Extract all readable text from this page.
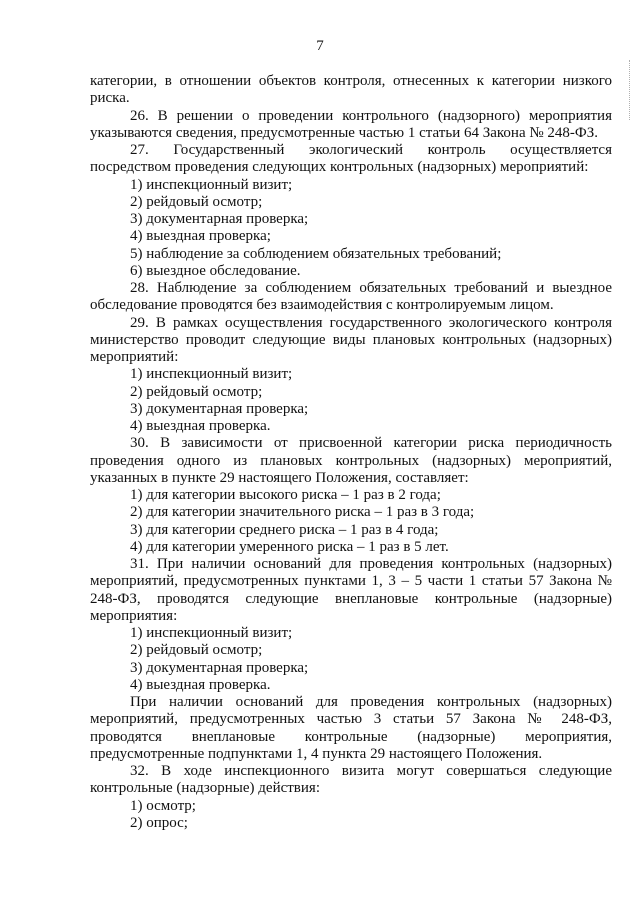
7

категории, в отношении объектов контроля, отнесенных к категории низкого риска.

26. В решении о проведении контрольного (надзорного) мероприятия указываются сведения, предусмотренные частью 1 статьи 64 Закона № 248-ФЗ.

27. Государственный экологический контроль осуществляется посредством проведения следующих контрольных (надзорных) мероприятий:

1) инспекционный визит;

2) рейдовый осмотр;

3) документарная проверка;

4) выездная проверка;

5) наблюдение за соблюдением обязательных требований;

6) выездное обследование.

28. Наблюдение за соблюдением обязательных требований и выездное обследование проводятся без взаимодействия с контролируемым лицом.

29. В рамках осуществления государственного экологического контроля министерство проводит следующие виды плановых контрольных (надзорных) мероприятий:

1) инспекционный визит;

2) рейдовый осмотр;

3) документарная проверка;

4) выездная проверка.

30. В зависимости от присвоенной категории риска периодичность проведения одного из плановых контрольных (надзорных) мероприятий, указанных в пункте 29 настоящего Положения, составляет:

1) для категории высокого риска – 1 раз в 2 года;

2) для категории значительного риска – 1 раз в 3 года;

3) для категории среднего риска – 1 раз в 4 года;

4) для категории умеренного риска – 1 раз в 5 лет.

31. При наличии оснований для проведения контрольных (надзорных) мероприятий, предусмотренных пунктами 1, 3 – 5 части 1 статьи 57 Закона № 248-ФЗ, проводятся следующие внеплановые контрольные (надзорные) мероприятия:

1) инспекционный визит;

2) рейдовый осмотр;

3) документарная проверка;

4) выездная проверка.

При наличии оснований для проведения контрольных (надзорных) мероприятий, предусмотренных частью 3 статьи 57 Закона № 248-ФЗ, проводятся внеплановые контрольные (надзорные) мероприятия, предусмотренные подпунктами 1, 4 пункта 29 настоящего Положения.

32. В ходе инспекционного визита могут совершаться следующие контрольные (надзорные) действия:

1) осмотр;

2) опрос;
